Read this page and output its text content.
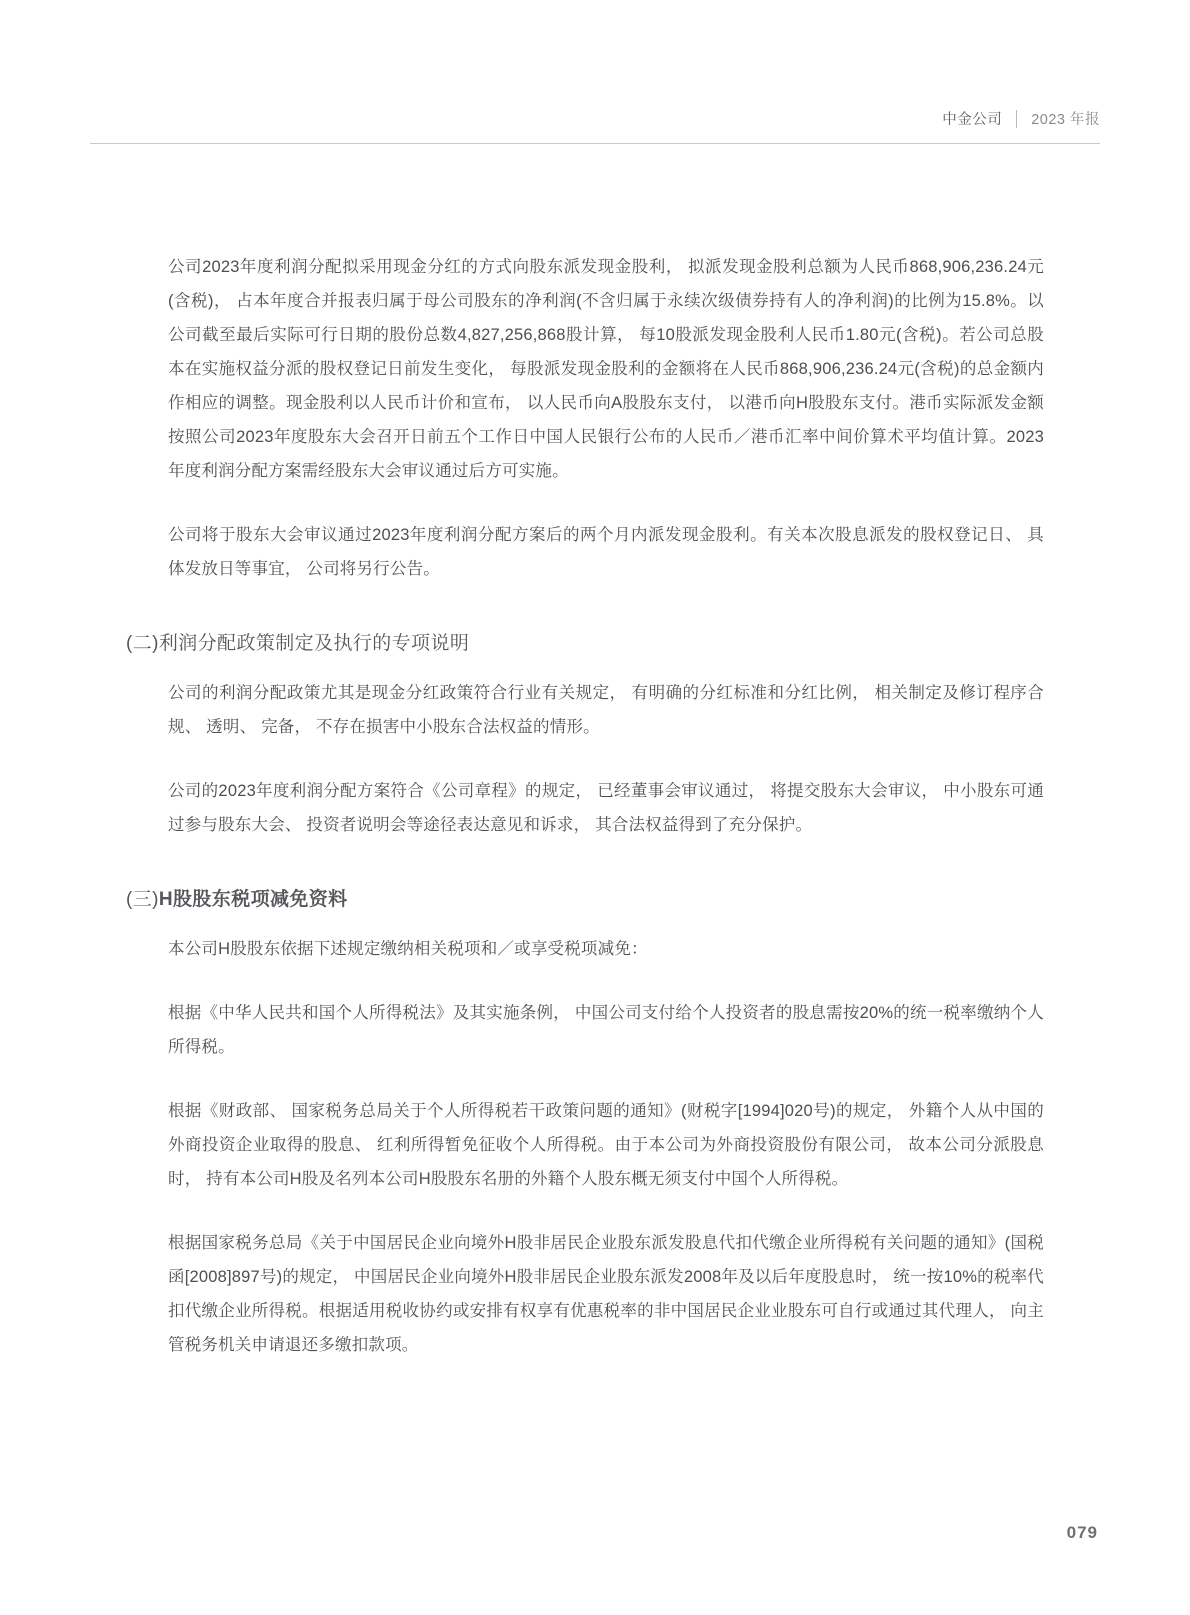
中金公司	2023 年报

公司2023年度利润分配拟采用现金分红的方式向股东派发现金股利， 拟派发现金股利总额为人民币868,906,236.24元(含税)， 占本年度合并报表归属于母公司股东的净利润(不含归属于永续次级债券持有人的净利润)的比例为15.8%。以公司截至最后实际可行日期的股份总数4,827,256,868股计算， 每10股派发现金股利人民币1.80元(含税)。若公司总股本在实施权益分派的股权登记日前发生变化， 每股派发现金股利的金额将在人民币868,906,236.24元(含税)的总金额内作相应的调整。现金股利以人民币计价和宣布， 以人民币向A股股东支付， 以港币向H股股东支付。港币实际派发金额按照公司2023年度股东大会召开日前五个工作日中国人民银行公布的人民币／港币汇率中间价算术平均值计算。2023年度利润分配方案需经股东大会审议通过后方可实施。

公司将于股东大会审议通过2023年度利润分配方案后的两个月内派发现金股利。有关本次股息派发的股权登记日、 具体发放日等事宜， 公司将另行公告。

(二)利润分配政策制定及执行的专项说明

公司的利润分配政策尤其是现金分红政策符合行业有关规定， 有明确的分红标准和分红比例， 相关制定及修订程序合规、 透明、 完备， 不存在损害中小股东合法权益的情形。

公司的2023年度利润分配方案符合《公司章程》的规定， 已经董事会审议通过， 将提交股东大会审议， 中小股东可通过参与股东大会、 投资者说明会等途径表达意见和诉求， 其合法权益得到了充分保护。

(三)H股股东税项减免资料

本公司H股股东依据下述规定缴纳相关税项和／或享受税项减免：

根据《中华人民共和国个人所得税法》及其实施条例， 中国公司支付给个人投资者的股息需按20%的统一税率缴纳个人所得税。

根据《财政部、 国家税务总局关于个人所得税若干政策问题的通知》(财税字[1994]020号)的规定， 外籍个人从中国的外商投资企业取得的股息、 红利所得暂免征收个人所得税。由于本公司为外商投资股份有限公司， 故本公司分派股息时， 持有本公司H股及名列本公司H股股东名册的外籍个人股东概无须支付中国个人所得税。

根据国家税务总局《关于中国居民企业向境外H股非居民企业股东派发股息代扣代缴企业所得税有关问题的通知》(国税函[2008]897号)的规定， 中国居民企业向境外H股非居民企业股东派发2008年及以后年度股息时， 统一按10%的税率代扣代缴企业所得税。根据适用税收协约或安排有权享有优惠税率的非中国居民企业业股东可自行或通过其代理人， 向主管税务机关申请退还多缴扣款项。

079
